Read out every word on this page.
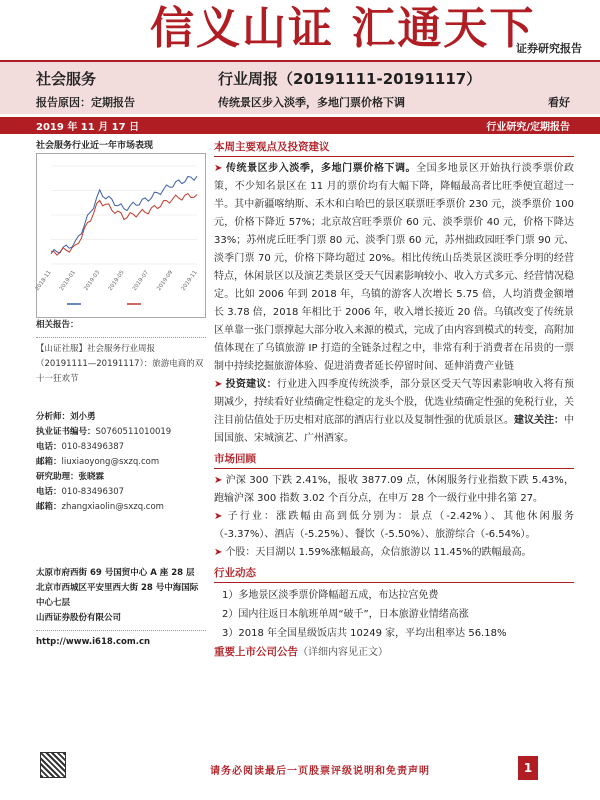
信义山证 汇通天下
证券研究报告
社会服务
报告原因：定期报告
行业周报（20191111-20191117）
传统景区步入淡季，多地门票价格下调	看好
2019 年 11 月 17 日	行业研究/定期报告
社会服务行业近一年市场表现
2018-11 2019-01 2019-03 2019-05 2019-07 2019-09 2019-11
相关报告：
【山证社服】社会服务行业周报（20191111—20191117）：旅游电商的双十一狂欢节
分析师：刘小勇
执业证书编号：S0760511010019
电话：010-83496387
邮箱：liuxiaoyong@sxzq.com
研究助理：张晓霖
电话：010-83496307
邮箱：zhangxiaolin@sxzq.com
太原市府西街 69 号国贸中心 A 座 28 层
北京市西城区平安里西大街 28 号中海国际中心七层
山西证券股份有限公司
http://www.i618.com.cn
本周主要观点及投资建议
➤ 传统景区步入淡季，多地门票价格下调。全国多地景区开始执行淡季票价政策，不少知名景区在 11 月的票价均有大幅下降，降幅最高者比旺季便宜超过一半。其中新疆喀纳斯、禾木和白哈巴的景区联票旺季票价 230 元，淡季票价 100 元，价格下降近 57%；北京故宫旺季票价 60 元、淡季票价 40 元，价格下降达 33%；苏州虎丘旺季门票 80 元、淡季门票 60 元，苏州拙政园旺季门票 90 元、淡季门票 70 元，价格下降均超过 20%。相比传统山岳类景区淡旺季分明的经营特点，休闲景区以及演艺类景区受天气因素影响较小、收入方式多元、经营情况稳定。比如 2006 年到 2018 年，乌镇的游客人次增长 5.75 倍，人均消费金额增长 3.78 倍，2018 年相比于 2006 年，收入增长接近 20 倍。乌镇改变了传统景区单靠一张门票撑起大部分收入来源的模式，完成了由内容到模式的转变，高附加值体现在了乌镇旅游 IP 打造的全链条过程之中，非常有利于消费者在吊贵的一票制中持续挖掘旅游体验、促进消费者延长停留时间、延伸消费产业链
➤ 投资建议：行业进入四季度传统淡季，部分景区受天气等因素影响收入将有预期减少，持续看好业绩确定性稳定的龙头个股，优选业绩确定性强的免税行业，关注目前估值处于历史相对底部的酒店行业以及复制性强的优质景区。建议关注：中国国旅、宋城演艺、广州酒家。
市场回顾
➤ 沪深 300 下跌 2.41%，报收 3877.09 点，休闲服务行业指数下跌 5.43%，跑输沪深 300 指数 3.02 个百分点，在申万 28 个一级行业中排名第 27。
➤ 子行业：涨跌幅由高到低分别为：景点（-2.42%）、其他休闲服务（-3.37%）、酒店（-5.25%）、餐饮（-5.50%）、旅游综合（-6.54%）。
➤ 个股：天目湖以 1.59%涨幅最高，众信旅游以 11.45%的跌幅最高。
行业动态
1）多地景区淡季票价降幅超五成，布达拉宫免费
2）国内往返日本航班单周“破千”，日本旅游业情绪高涨
3）2018 年全国星级饭店共 10249 家，平均出租率达 56.18%
重要上市公司公告（详细内容见正文）
请务必阅读最后一页股票评级说明和免责声明	1
